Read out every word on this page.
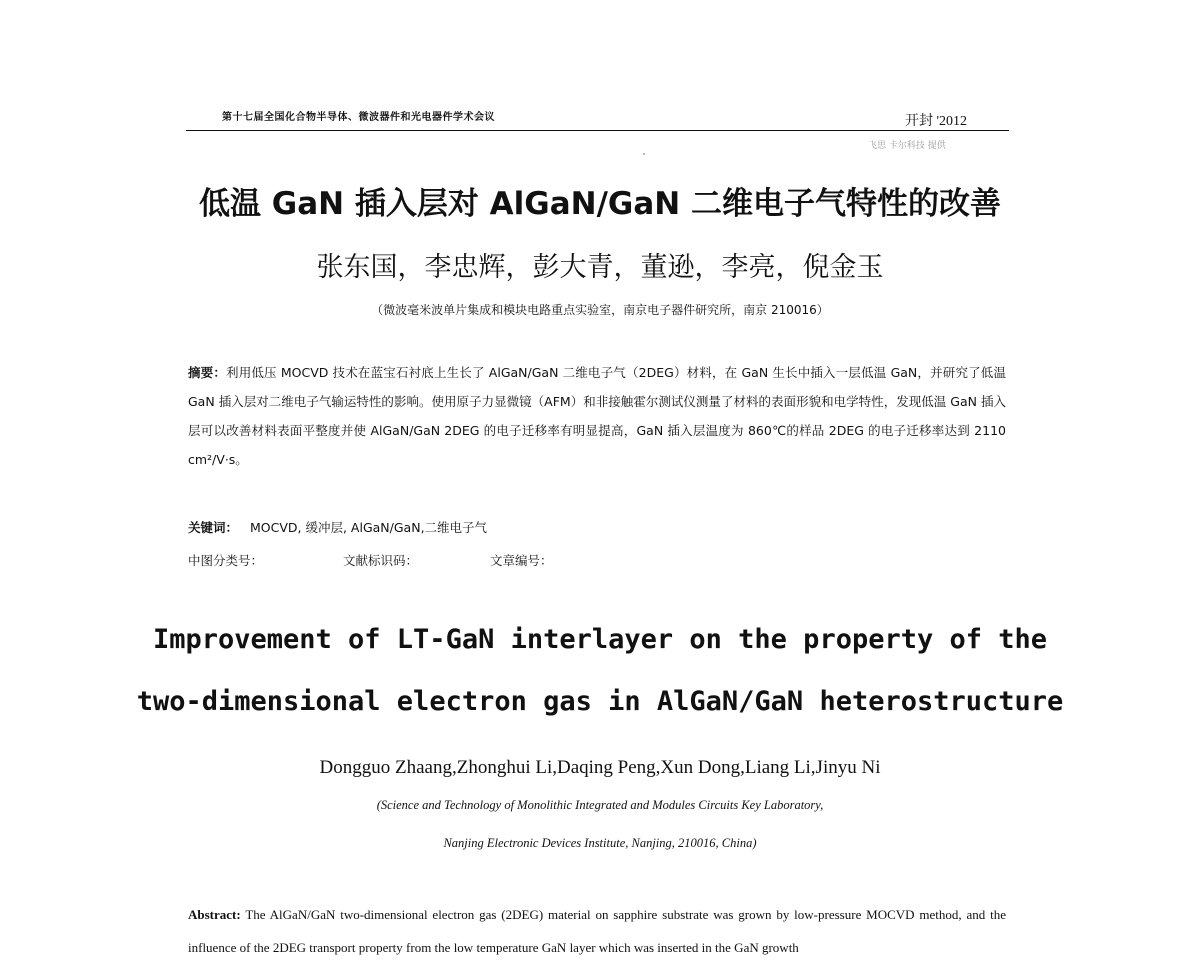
第十七届全国化合物半导体、微波器件和光电器件学术会议	开封 '2012
飞思 卡尔科技 提供
低温 GaN 插入层对 AlGaN/GaN 二维电子气特性的改善
张东国，李忠辉，彭大青，董逊，李亮，倪金玉
（微波毫米波单片集成和模块电路重点实验室，南京电子器件研究所，南京 210016）

摘要：利用低压 MOCVD 技术在蓝宝石衬底上生长了 AlGaN/GaN 二维电子气（2DEG）材料，在 GaN 生长中插入一层低温 GaN，并研究了低温 GaN 插入层对二维电子气输运特性的影响。使用原子力显微镜（AFM）和非接触霍尔测试仪测量了材料的表面形貌和电学特性，发现低温 GaN 插入层可以改善材料表面平整度并使 AlGaN/GaN 2DEG 的电子迁移率有明显提高，GaN 插入层温度为 860℃的样品 2DEG 的电子迁移率达到 2110 cm²/V·s。

关键词： MOCVD, 缓冲层, AlGaN/GaN,二维电子气
中图分类号：	文献标识码：	文章编号：
Improvement of LT-GaN interlayer on the property of the
two-dimensional electron gas in AlGaN/GaN heterostructure
Dongguo Zhaang,Zhonghui Li,Daqing Peng,Xun Dong,Liang Li,Jinyu Ni
(Science and Technology of Monolithic Integrated and Modules Circuits Key Laboratory,
Nanjing Electronic Devices Institute, Nanjing, 210016, China)

Abstract: The AlGaN/GaN two-dimensional electron gas (2DEG) material on sapphire substrate was grown by low-pressure MOCVD method, and the influence of the 2DEG transport property from the low temperature GaN layer which was inserted in the GaN growth
